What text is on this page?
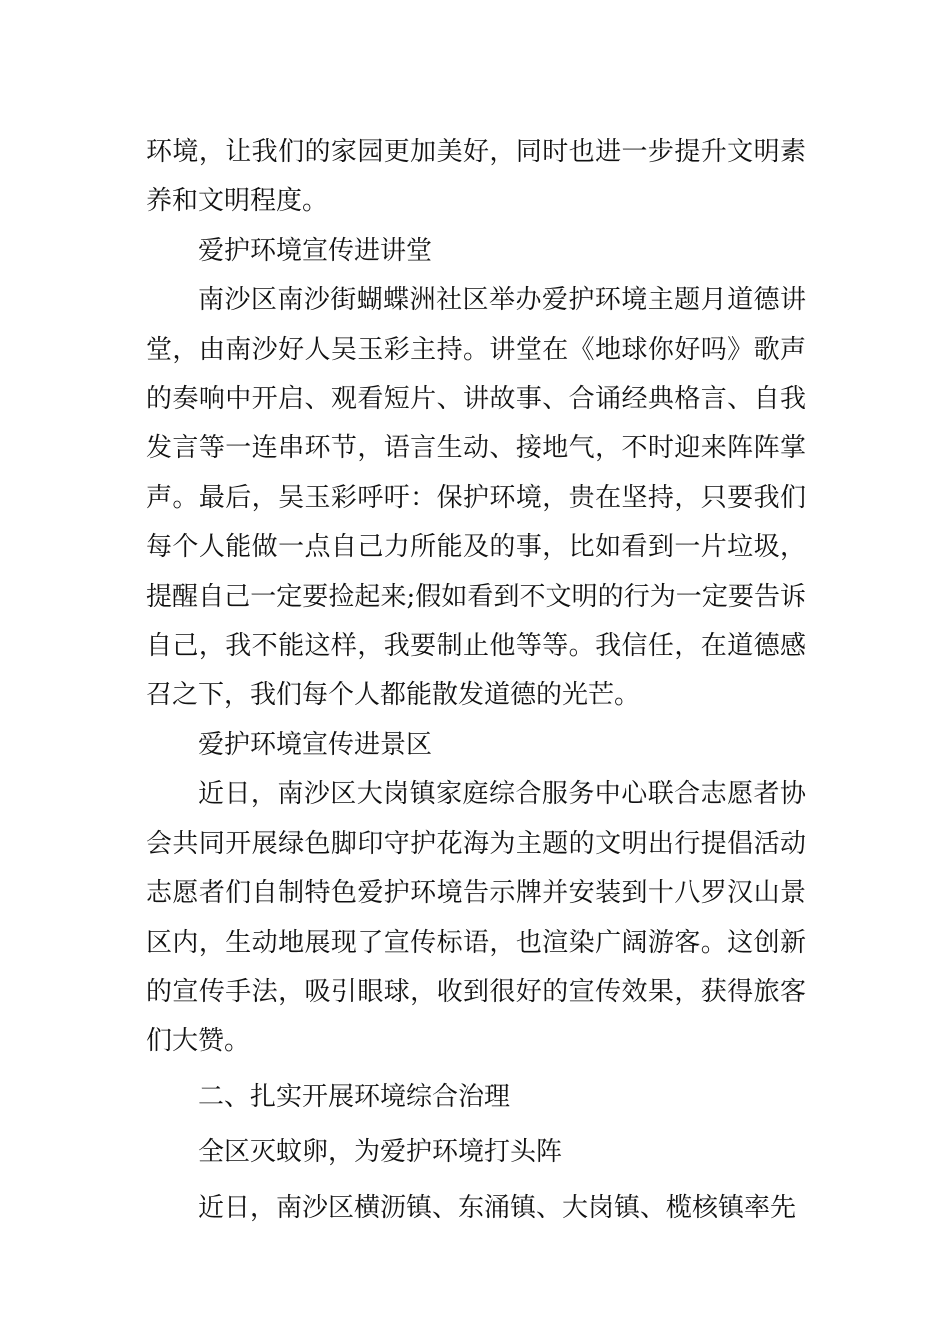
环境，让我们的家园更加美好，同时也进一步提升文明素养和文明程度。

爱护环境宣传进讲堂

南沙区南沙街蝴蝶洲社区举办爱护环境主题月道德讲堂，由南沙好人吴玉彩主持。讲堂在《地球你好吗》歌声的奏响中开启、观看短片、讲故事、合诵经典格言、自我发言等一连串环节，语言生动、接地气，不时迎来阵阵掌声。最后，吴玉彩呼吁：保护环境，贵在坚持，只要我们每个人能做一点自己力所能及的事，比如看到一片垃圾，提醒自己一定要捡起来;假如看到不文明的行为一定要告诉自己，我不能这样，我要制止他等等。我信任，在道德感召之下，我们每个人都能散发道德的光芒。

爱护环境宣传进景区

近日，南沙区大岗镇家庭综合服务中心联合志愿者协会共同开展绿色脚印守护花海为主题的文明出行提倡活动志愿者们自制特色爱护环境告示牌并安装到十八罗汉山景区内，生动地展现了宣传标语，也渲染广阔游客。这创新的宣传手法，吸引眼球，收到很好的宣传效果，获得旅客们大赞。

二、扎实开展环境综合治理

全区灭蚊卵，为爱护环境打头阵

近日，南沙区横沥镇、东涌镇、大岗镇、榄核镇率先
